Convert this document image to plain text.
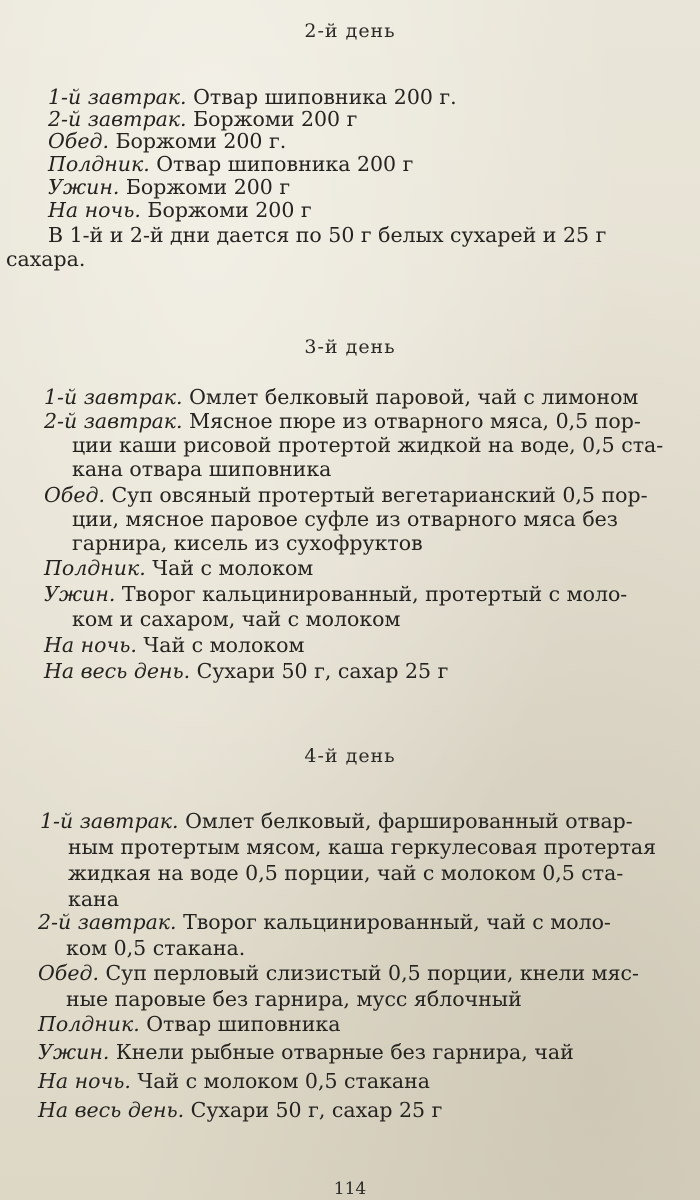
2-й день
1-й завтрак. Отвар шиповника 200 г.
2-й завтрак. Боржоми 200 г
Обед. Боржоми 200 г.
Полдник. Отвар шиповника 200 г
Ужин. Боржоми 200 г
На ночь. Боржоми 200 г
В 1-й и 2-й дни дается по 50 г белых сухарей и 25 г
сахара.
3-й день
1-й завтрак. Омлет белковый паровой, чай с лимоном
2-й завтрак. Мясное пюре из отварного мяса, 0,5 пор-
ции каши рисовой протертой жидкой на воде, 0,5 ста-
кана отвара шиповника
Обед. Суп овсяный протертый вегетарианский 0,5 пор-
ции, мясное паровое суфле из отварного мяса без
гарнира, кисель из сухофруктов
Полдник. Чай с молоком
Ужин. Творог кальцинированный, протертый с моло-
ком и сахаром, чай с молоком
На ночь. Чай с молоком
На весь день. Сухари 50 г, сахар 25 г
4-й день
1-й завтрак. Омлет белковый, фаршированный отвар-
ным протертым мясом, каша геркулесовая протертая
жидкая на воде 0,5 порции, чай с молоком 0,5 ста-
кана
2-й завтрак. Творог кальцинированный, чай с моло-
ком 0,5 стакана.
Обед. Суп перловый слизистый 0,5 порции, кнели мяс-
ные паровые без гарнира, мусс яблочный
Полдник. Отвар шиповника
Ужин. Кнели рыбные отварные без гарнира, чай
На ночь. Чай с молоком 0,5 стакана
На весь день. Сухари 50 г, сахар 25 г
114
